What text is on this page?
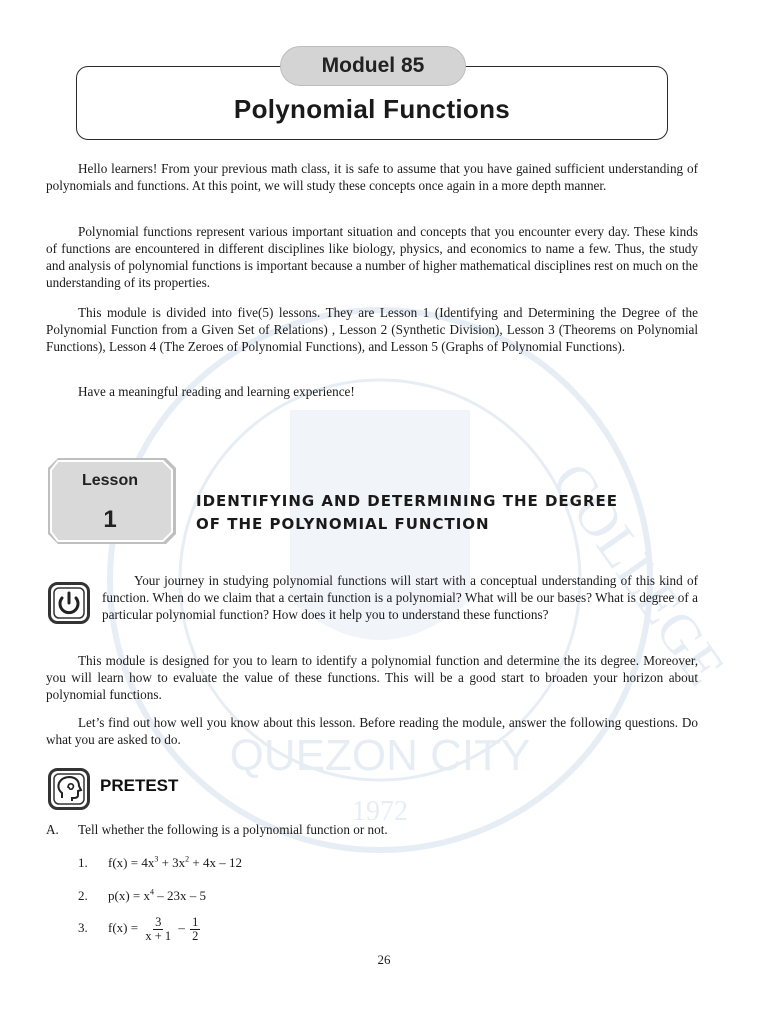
COLLEGE
QUEZON CITY
1972
Moduel 85
Polynomial Functions

Hello learners! From your previous math class, it is safe to assume that you have gained sufficient understanding of polynomials and functions. At this point, we will study these concepts once again in a more depth manner.

Polynomial functions represent various important situation and concepts that you encounter every day. These kinds of functions are encountered in different disciplines like biology, physics, and economics to name a few. Thus, the study and analysis of polynomial functions is important because a number of higher mathematical disciplines rest on much on the understanding of its properties.

This module is divided into five(5) lessons. They are Lesson 1 (Identifying and Determining the Degree of the Polynomial Function from a Given Set of Relations) , Lesson 2 (Synthetic Division), Lesson 3 (Theorems on Polynomial Functions), Lesson 4 (The Zeroes of Polynomial Functions), and Lesson 5 (Graphs of Polynomial Functions).

Have a meaningful reading and learning experience!

Lesson
1
IDENTIFYING AND DETERMINING THE DEGREE
OF THE POLYNOMIAL FUNCTION

Your journey in studying polynomial functions will start with a conceptual understanding of this kind of function. When do we claim that a certain function is a polynomial? What will be our bases? What is degree of a particular polynomial function? How does it help you to understand these functions?

This module is designed for you to learn to identify a polynomial function and determine the its degree. Moreover, you will learn how to evaluate the value of these functions. This will be a good start to broaden your horizon about polynomial functions.

Let’s find out how well you know about this lesson. Before reading the module, answer the following questions. Do what you are asked to do.

PRETEST
A. Tell whether the following is a polynomial function or not.
1. $f(x) = 4x^3 + 3x^2 + 4x - 12$
2. $p(x) = x^4 - 23x - 5$
3. $f(x) = \frac{3}{x + 1} - \frac{1}{2}$
26
